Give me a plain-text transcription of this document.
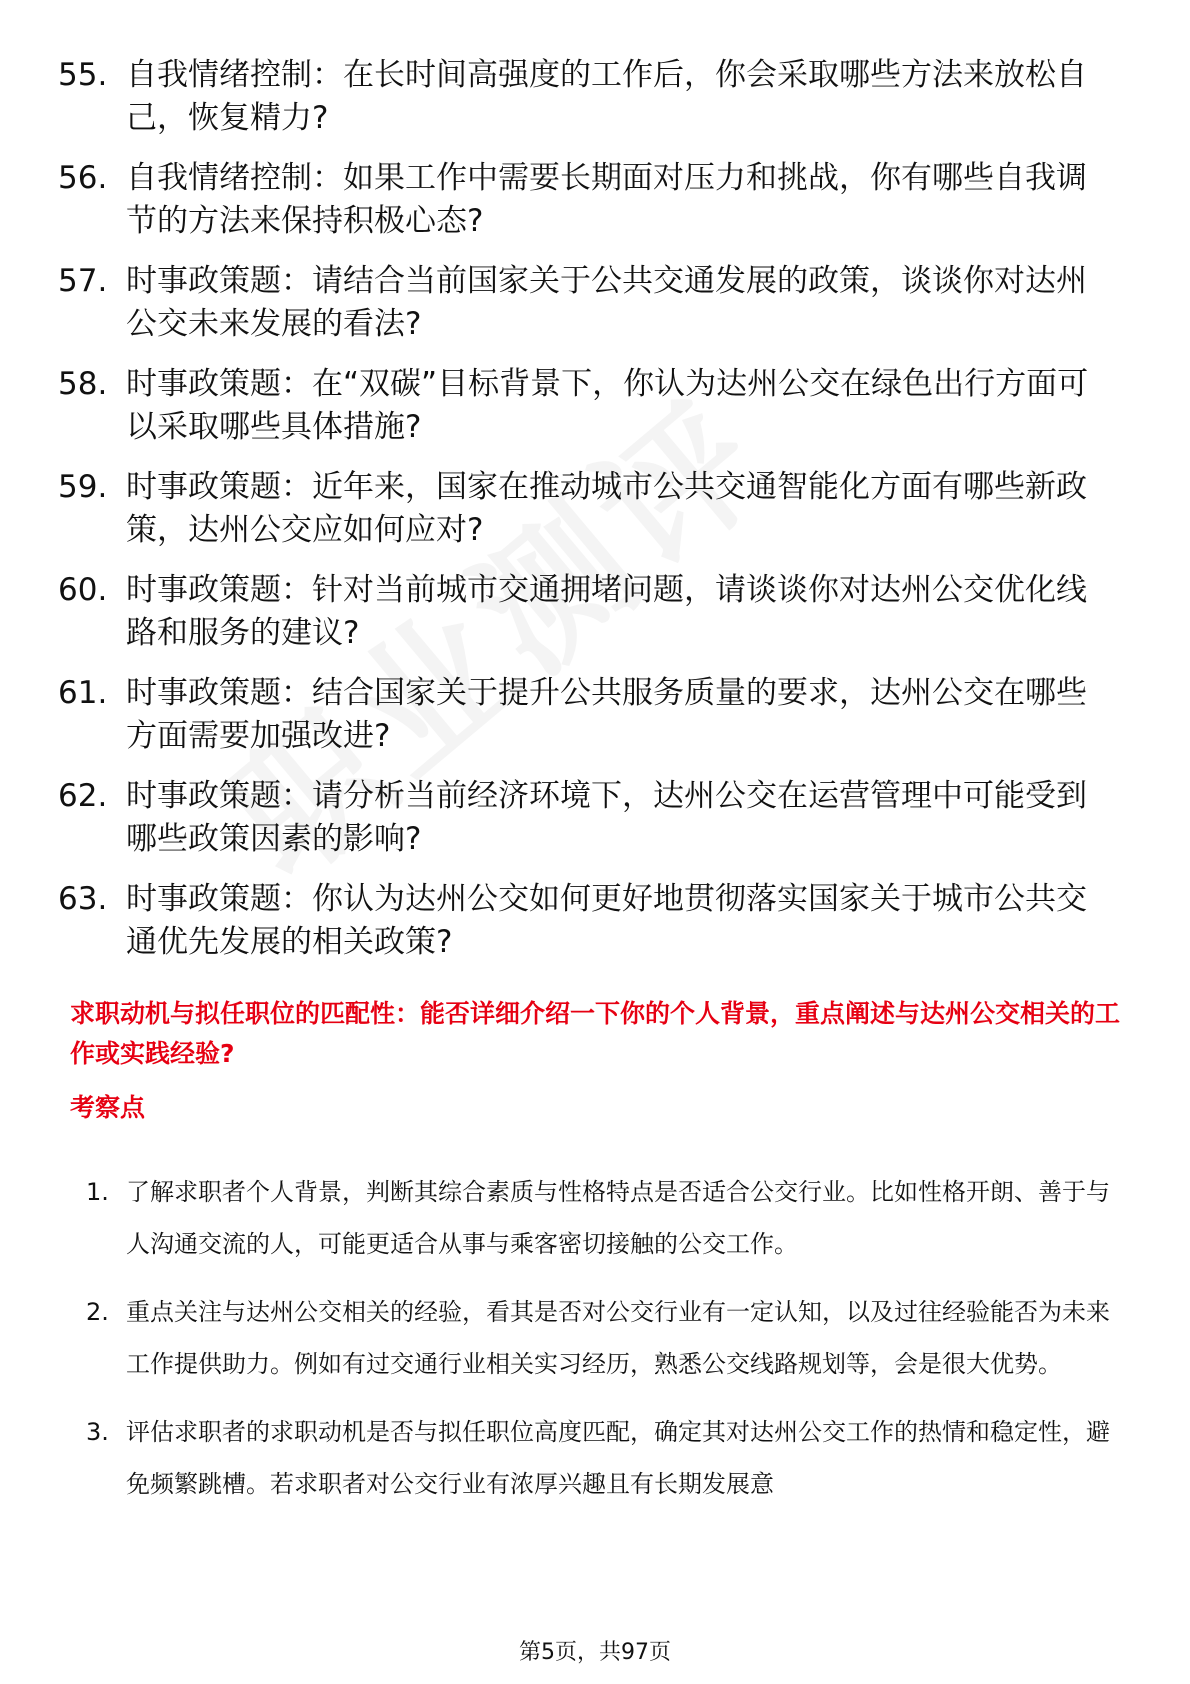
55. 自我情绪控制：在长时间高强度的工作后，你会采取哪些方法来放松自己，恢复精力?
56. 自我情绪控制：如果工作中需要长期面对压力和挑战，你有哪些自我调节的方法来保持积极心态?
57. 时事政策题：请结合当前国家关于公共交通发展的政策，谈谈你对达州公交未来发展的看法?
58. 时事政策题：在“双碳”目标背景下，你认为达州公交在绿色出行方面可以采取哪些具体措施?
59. 时事政策题：近年来，国家在推动城市公共交通智能化方面有哪些新政策，达州公交应如何应对?
60. 时事政策题：针对当前城市交通拥堵问题，请谈谈你对达州公交优化线路和服务的建议?
61. 时事政策题：结合国家关于提升公共服务质量的要求，达州公交在哪些方面需要加强改进?
62. 时事政策题：请分析当前经济环境下，达州公交在运营管理中可能受到哪些政策因素的影响?
63. 时事政策题：你认为达州公交如何更好地贯彻落实国家关于城市公共交通优先发展的相关政策?
求职动机与拟任职位的匹配性：能否详细介绍一下你的个人背景，重点阐述与达州公交相关的工作或实践经验?
考察点
1. 了解求职者个人背景，判断其综合素质与性格特点是否适合公交行业。比如性格开朗、善于与人沟通交流的人，可能更适合从事与乘客密切接触的公交工作。
2. 重点关注与达州公交相关的经验，看其是否对公交行业有一定认知，以及过往经验能否为未来工作提供助力。例如有过交通行业相关实习经历，熟悉公交线路规划等，会是很大优势。
3. 评估求职者的求职动机是否与拟任职位高度匹配，确定其对达州公交工作的热情和稳定性，避免频繁跳槽。若求职者对公交行业有浓厚兴趣且有长期发展意
第5页，共97页
